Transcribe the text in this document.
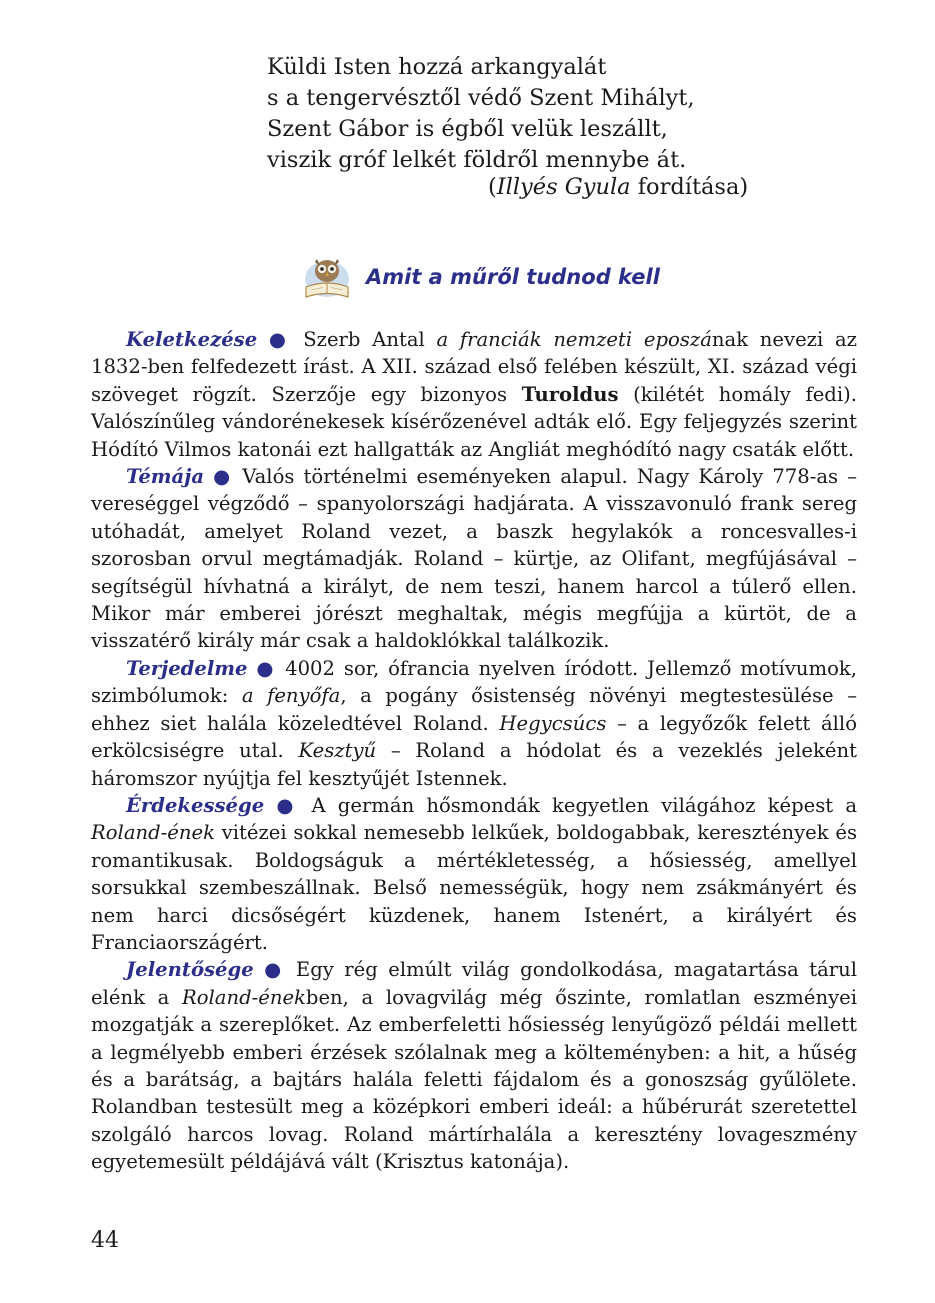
Küldi Isten hozzá arkangyalát
s a tengervésztől védő Szent Mihályt,
Szent Gábor is égből velük leszállt,
viszik gróf lelkét földről mennybe át.
(Illyés Gyula fordítása)
Amit a műről tudnod kell

Keletkezése ● Szerb Antal a franciák nemzeti eposzának nevezi az 1832-ben felfedezett írást. A XII. század első felében készült, XI. század végi szöveget rögzít. Szerzője egy bizonyos Turoldus (kilétét homály fedi). Valószínűleg vándorénekesek kísérőzenével adták elő. Egy feljegyzés szerint Hódító Vilmos katonái ezt hallgatták az Angliát meghódító nagy csaták előtt.

Témája ● Valós történelmi eseményeken alapul. Nagy Károly 778-as – vereséggel végződő – spanyolországi hadjárata. A visszavonuló frank sereg utóhadát, amelyet Roland vezet, a baszk hegylakók a roncesvalles-i szorosban orvul megtámadják. Roland – kürtje, az Olifant, megfújásával – segítségül hívhatná a királyt, de nem teszi, hanem harcol a túlerő ellen. Mikor már emberei jórészt meghaltak, mégis megfújja a kürtöt, de a visszatérő király már csak a haldoklókkal találkozik.

Terjedelme ● 4002 sor, ófrancia nyelven íródott. Jellemző motívumok, szimbólumok: a fenyőfa, a pogány ősistenség növényi megtestesülése – ehhez siet halála közeledtével Roland. Hegycsúcs – a legyőzők felett álló erkölcsiségre utal. Kesztyű – Roland a hódolat és a vezeklés jeleként háromszor nyújtja fel kesztyűjét Istennek.

Érdekessége ● A germán hősmondák kegyetlen világához képest a Roland-ének vitézei sokkal nemesebb lelkűek, boldogabbak, keresztények és romantikusak. Boldogságuk a mértékletesség, a hősiesség, amellyel sorsukkal szembeszállnak. Belső nemességük, hogy nem zsákmányért és nem harci dicsőségért küzdenek, hanem Istenért, a királyért és Franciaországért.

Jelentősége ● Egy rég elmúlt világ gondolkodása, magatartása tárul elénk a Roland-énekben, a lovagvilág még őszinte, romlatlan eszményei mozgatják a szereplőket. Az emberfeletti hősiesség lenyűgöző példái mellett a legmélyebb emberi érzések szólalnak meg a költeményben: a hit, a hűség és a barátság, a bajtárs halála feletti fájdalom és a gonoszság gyűlölete. Rolandban testesült meg a középkori emberi ideál: a hűbérurát szeretettel szolgáló harcos lovag. Roland mártírhalála a keresztény lovageszmény egyetemesült példájává vált (Krisztus katonája).

44
